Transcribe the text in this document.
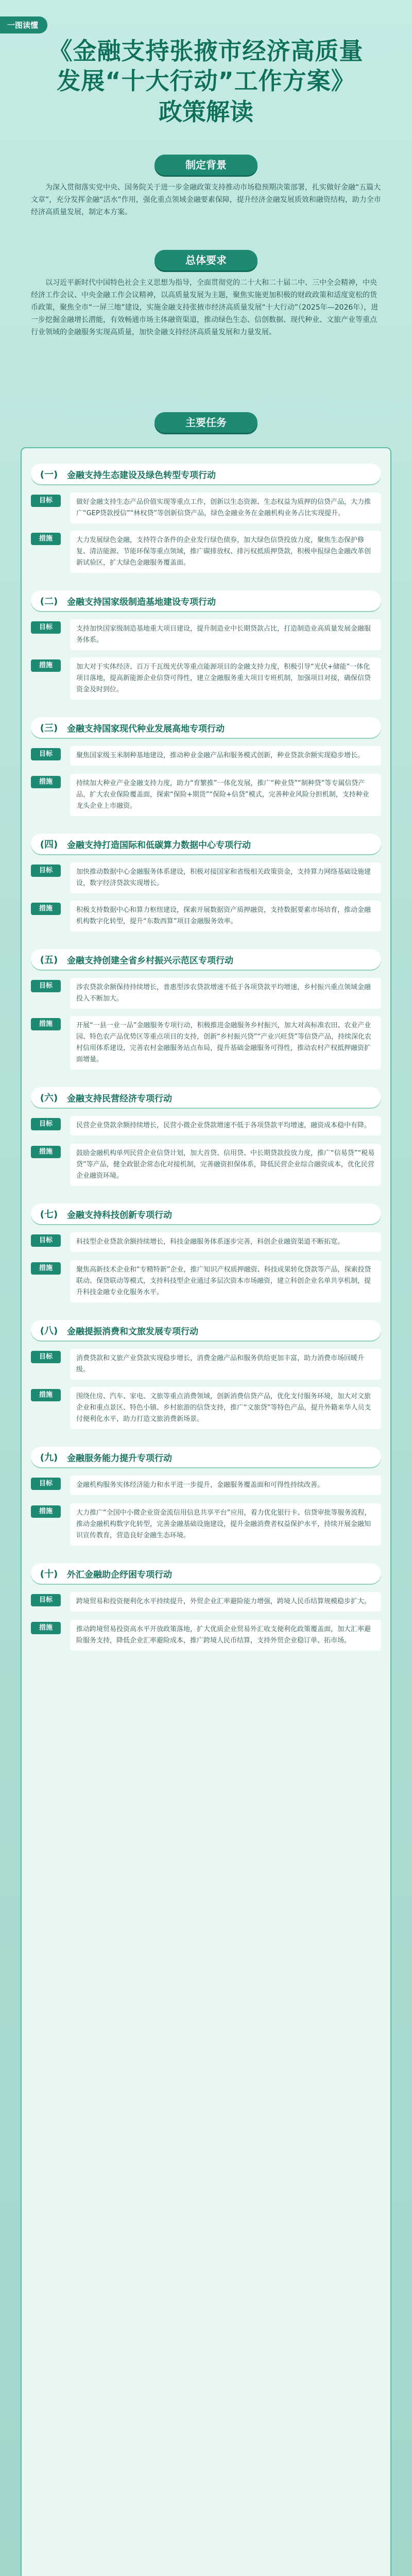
一图读懂
《金融支持张掖市经济高质量
发展“十大行动”工作方案》
政策解读
制定背景
为深入贯彻落实党中央、国务院关于进一步金融政策支持推动市场稳预期决策部署，扎实做好金融“五篇大文章”，充分发挥金融“活水”作用，强化重点领域金融要素保障，提升经济金融发展质效和融资结构，助力全市经济高质量发展，制定本方案。
总体要求
以习近平新时代中国特色社会主义思想为指导，全面贯彻党的二十大和二十届二中、三中全会精神，中央经济工作会议、中央金融工作会议精神，以高质量发展为主题，聚焦实施更加积极的财政政策和适度宽松的货币政策，聚焦全市“一屏三地”建设，实施金融支持张掖市经济高质量发展“十大行动”（2025年—2026年），进一步挖掘金融增长潜能，有效畅通市场主体融资渠道，推动绿色生态、信创数据、现代种业、文旅产业等重点行业领域的金融服务实现高质量，加快金融支持经济高质量发展和力量发展。
主要任务
(一)	金融支持生态建设及绿色转型专项行动
目标	做好金融支持生态产品价值实现等重点工作，创新以生态资源、生态权益为质押的信贷产品，大力推广“GEP贷款授信”“林权贷”等创新信贷产品，绿色金融业务在金融机构业务占比实现提升。
措施	大力发展绿色金融，支持符合条件的企业发行绿色债券，加大绿色信贷投放力度，聚焦生态保护修复、清洁能源、节能环保等重点领域，推广碳排放权、排污权抵质押贷款，积极申报绿色金融改革创新试验区，扩大绿色金融服务覆盖面。
(二)	金融支持国家级制造基地建设专项行动
目标	支持加快国家级制造基地重大项目建设，提升制造业中长期贷款占比，打造制造业高质量发展金融服务体系。
措施	加大对于实体经济、百万千瓦级光伏等重点能源项目的金融支持力度，积极引导“光伏+储能”一体化项目落地，提高新能源企业信贷可得性，建立金融服务重大项目专班机制，加强项目对接，确保信贷资金及时到位。
(三)	金融支持国家现代种业发展高地专项行动
目标	聚焦国家级玉米制种基地建设，推动种业金融产品和服务模式创新，种业贷款余额实现稳步增长。
措施	持续加大种业产业金融支持力度，助力“育繁推”一体化发展，推广“种业贷”“制种贷”等专属信贷产品，扩大农业保险覆盖面，探索“保险+期货”“保险+信贷”模式，完善种业风险分担机制，支持种业龙头企业上市融资。
(四)	金融支持打造国际和低碳算力数据中心专项行动
目标	加快推动数据中心金融服务体系建设，积极对接国家和省级相关政策资金，支持算力网络基础设施建设，数字经济贷款实现增长。
措施	积极支持数据中心和算力枢纽建设，探索开展数据资产质押融资，支持数据要素市场培育，推动金融机构数字化转型，提升“东数西算”项目金融服务效率。
(五)	金融支持创建全省乡村振兴示范区专项行动
目标	涉农贷款余额保持持续增长，普惠型涉农贷款增速不低于各项贷款平均增速，乡村振兴重点领域金融投入不断加大。
措施	开展“一县一业一品”金融服务专项行动，积极推进金融服务乡村振兴，加大对高标准农田、农业产业园、特色农产品优势区等重点项目的支持，创新“乡村振兴贷”“产业兴旺贷”等信贷产品，持续深化农村信用体系建设，完善农村金融服务站点布局，提升基础金融服务可得性，推动农村产权抵押融资扩面增量。
(六)	金融支持民营经济专项行动
目标	民营企业贷款余额持续增长，民营小微企业贷款增速不低于各项贷款平均增速，融资成本稳中有降。
措施	鼓励金融机构单列民营企业信贷计划，加大首贷、信用贷、中长期贷款投放力度，推广“信易贷”“税易贷”等产品，健全政银企常态化对接机制，完善融资担保体系，降低民营企业综合融资成本，优化民营企业融资环境。
(七)	金融支持科技创新专项行动
目标	科技型企业贷款余额持续增长，科技金融服务体系逐步完善，科创企业融资渠道不断拓宽。
措施	聚焦高新技术企业和“专精特新”企业，推广知识产权质押融资、科技成果转化贷款等产品，探索投贷联动、保贷联动等模式，支持科技型企业通过多层次资本市场融资，建立科创企业名单共享机制，提升科技金融专业化服务水平。
(八)	金融提振消费和文旅发展专项行动
目标	消费贷款和文旅产业贷款实现稳步增长，消费金融产品和服务供给更加丰富，助力消费市场回暖升级。
措施	围绕住房、汽车、家电、文旅等重点消费领域，创新消费信贷产品，优化支付服务环境，加大对文旅企业和重点景区、特色小镇、乡村旅游的信贷支持，推广“文旅贷”等特色产品，提升外籍来华人员支付便利化水平，助力打造文旅消费新场景。
(九)	金融服务能力提升专项行动
目标	金融机构服务实体经济能力和水平进一步提升，金融服务覆盖面和可得性持续改善。
措施	大力推广“全国中小微企业资金流信用信息共享平台”应用，着力优化银行卡、信贷审批等服务流程，推动金融机构数字化转型，完善金融基础设施建设，提升金融消费者权益保护水平，持续开展金融知识宣传教育，营造良好金融生态环境。
(十)	外汇金融助企纾困专项行动
目标	跨境贸易和投资便利化水平持续提升，外贸企业汇率避险能力增强，跨境人民币结算规模稳步扩大。
措施	推动跨境贸易投资高水平开放政策落地，扩大优质企业贸易外汇收支便利化政策覆盖面，加大汇率避险服务支持，降低企业汇率避险成本，推广跨境人民币结算，支持外贸企业稳订单、拓市场。
